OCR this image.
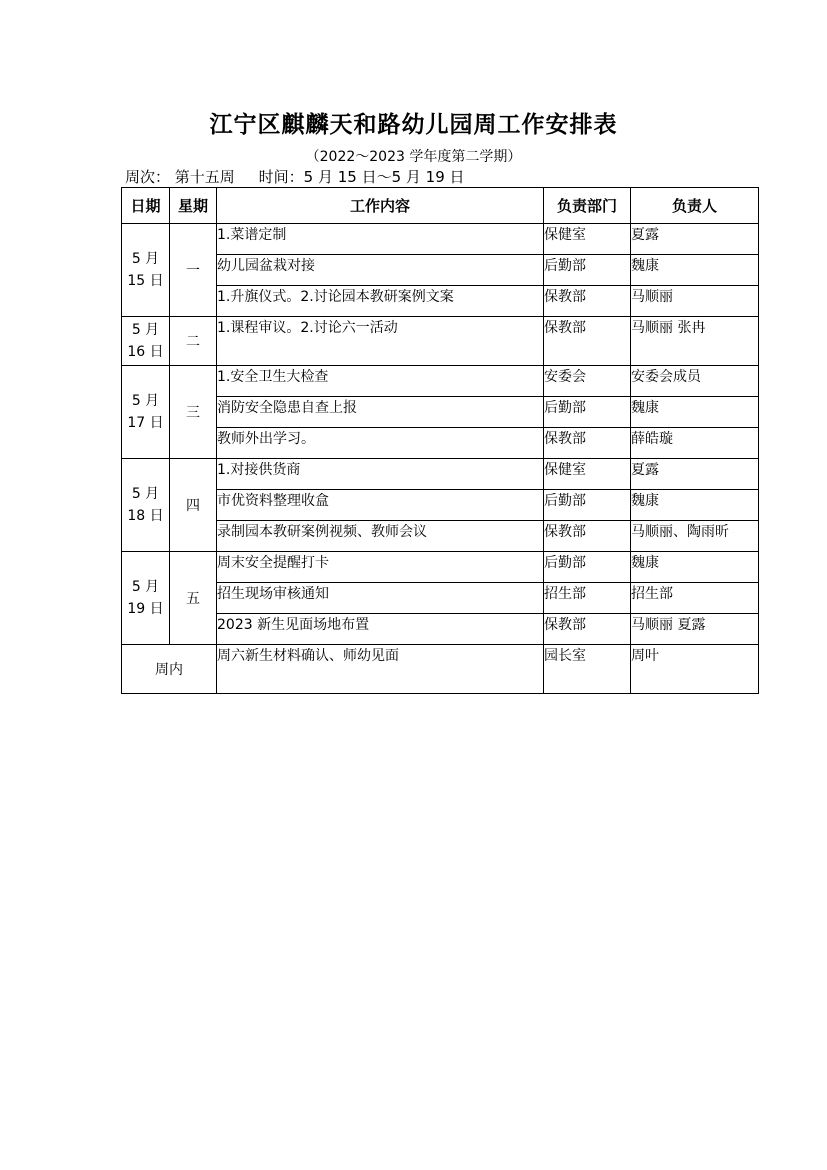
江宁区麒麟天和路幼儿园周工作安排表
（2022～2023 学年度第二学期）
周次： 第十五周 时间：5 月 15 日～5 月 19 日
日期	星期	工作内容	负责部门	负责人

5 月
15 日	一	1.菜谱定制	保健室	夏露
		幼儿园盆栽对接	后勤部	魏康
		1.升旗仪式。2.讨论园本教研案例文案	保教部	马顺丽

5 月
16 日	二	1.课程审议。2.讨论六一活动	保教部	马顺丽 张冉

5 月
17 日	三	1.安全卫生大检查	安委会	安委会成员
		消防安全隐患自查上报	后勤部	魏康
		教师外出学习。	保教部	薛皓璇

5 月
18 日	四	1.对接供货商	保健室	夏露
		市优资料整理收盒	后勤部	魏康
		录制园本教研案例视频、教师会议	保教部	马顺丽、陶雨昕

5 月
19 日	五	周末安全提醒打卡	后勤部	魏康
		招生现场审核通知	招生部	招生部
		2023 新生见面场地布置	保教部	马顺丽 夏露
周内		周六新生材料确认、师幼见面	园长室	周叶
